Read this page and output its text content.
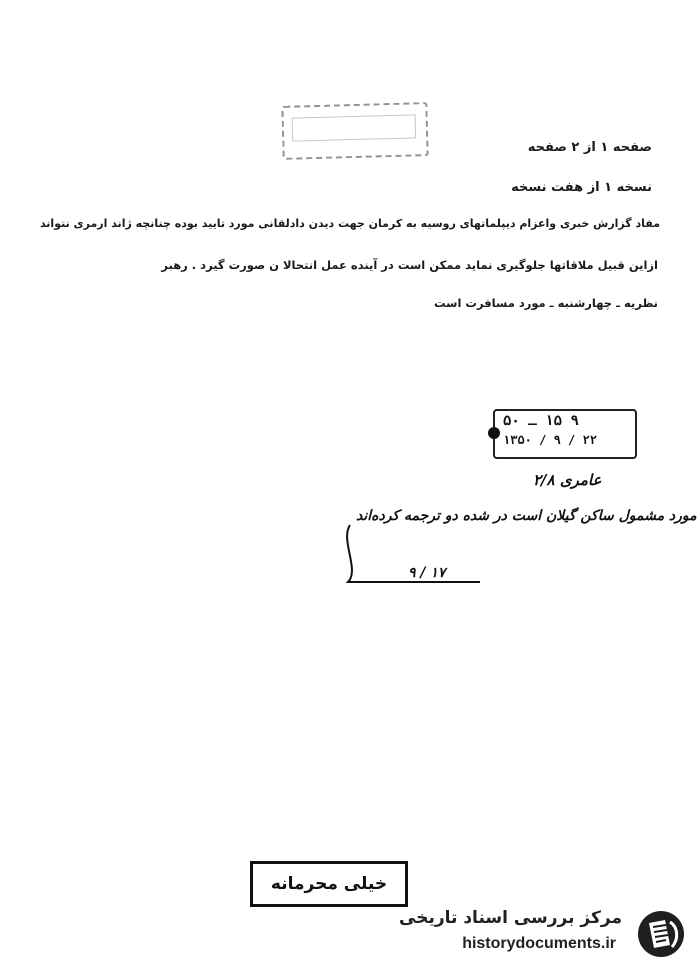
صفحه ۱ از ۲ صفحه
نسخه ۱ از هفت نسخه
مفاد گزارش خبری واعزام دیپلماتهای روسیه به کرمان جهت دیدن دادلقانی مورد تایید بوده چنانچه ژاند ارمری نتواند
ازاین قبیل ملاقاتها جلوگیری نماید ممکن است در آینده عمل انتحالا ن صورت گیرد . رهبر
نظریه ـ چهارشنبه ـ مورد مسافرت است
۹ ۱۵ ـ ۵۰
۲۲ / ۹ / ۱۳۵۰
عامری ۲/۸
مورد مشمول ساکن گیلان است در شده دو ترجمه کرده‌اند
۱۷ / ۹
خیلی محرمانه
مرکز بررسی اسناد تاریخی
historydocuments.ir
